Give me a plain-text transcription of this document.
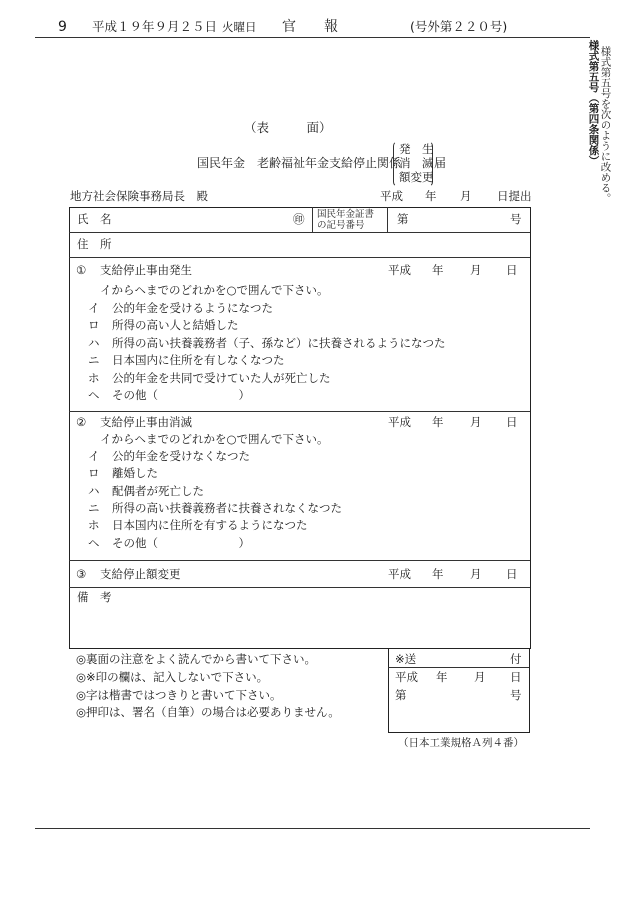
9 平成１９年９月２５日 火曜日 官　　報	(号外第２２０号)
様式第五号（第四条関係） 様式第五号を次のように改める。
（表　　　面）
国民年金　老齢福祉年金支給停止関係
発　生
消　滅
額変更
届
地方社会保険事務局長　殿	平成 年 月 日提出
氏　名	㊞ 国民年金証書
の記号番号	第	号
住　所
① 支給停止事由発生	平成 年 月 日
イからヘまでのどれかを○で囲んで下さい。
イ 公的年金を受けるようになつた
ロ 所得の高い人と結婚した
ハ 所得の高い扶養義務者（子、孫など）に扶養されるようになつた
ニ 日本国内に住所を有しなくなつた
ホ 公的年金を共同で受けていた人が死亡した
ヘ その他（　　　　　　　）
② 支給停止事由消滅	平成 年 月 日
イからヘまでのどれかを○で囲んで下さい。
イ 公的年金を受けなくなつた
ロ 離婚した
ハ 配偶者が死亡した
ニ 所得の高い扶養義務者に扶養されなくなつた
ホ 日本国内に住所を有するようになつた
ヘ その他（　　　　　　　）
③ 支給停止額変更	平成 年 月 日
備　考
◎裏面の注意をよく読んでから書いて下さい。
◎※印の欄は、記入しないで下さい。
◎字は楷書ではつきりと書いて下さい。
◎押印は、署名（自筆）の場合は必要ありません。
※送	付
平成 年 月 日
第	号
（日本工業規格Ａ列４番）
